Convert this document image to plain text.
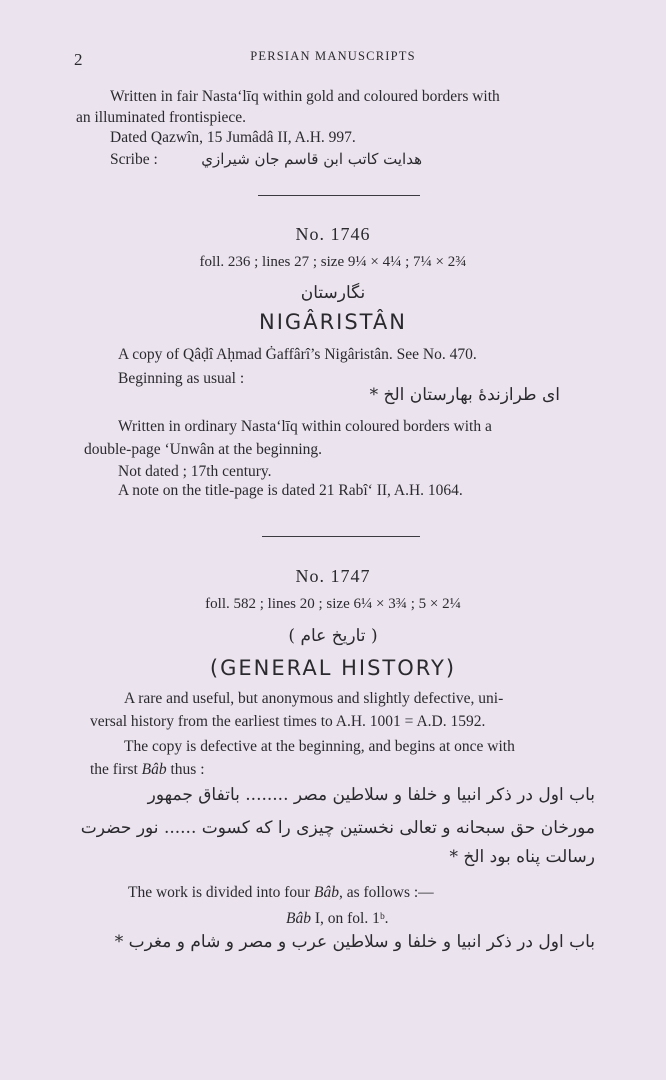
2	PERSIAN MANUSCRIPTS
Written in fair Nasta‘līq within gold and coloured borders with
an illuminated frontispiece.
Dated Qazwîn, 15 Jumâdâ II, A.H. 997.
Scribe :	هدايت كاتب ابن قاسم جان شيرازي
No. 1746
foll. 236 ; lines 27 ; size 9¼ × 4¼ ; 7¼ × 2¾
نگارستان
NIGÂRISTÂN
A copy of Qâḍî Aḥmad Ġaffârî’s Nigâristân. See No. 470.
Beginning as usual :
ای طرازندۀ بهارستان الخ *
Written in ordinary Nasta‘līq within coloured borders with a
double-page ‘Unwân at the beginning.
Not dated ; 17th century.
A note on the title-page is dated 21 Rabî‘ II, A.H. 1064.
No. 1747
foll. 582 ; lines 20 ; size 6¼ × 3¾ ; 5 × 2¼
( تاریخ عام )
(GENERAL HISTORY)
A rare and useful, but anonymous and slightly defective, uni-
versal history from the earliest times to A.H. 1001 = A.D. 1592.
The copy is defective at the beginning, and begins at once with
the first Bâb thus :
باب اول در ذکر انبیا و خلفا و سلاطین مصر ........ باتفاق جمهور
مورخان حق سبحانه و تعالی نخستین چیزی را که کسوت ...... نور حضرت
رسالت پناه بود الخ *
The work is divided into four Bâb, as follows :—
Bâb I, on fol. 1ᵇ.
باب اول در ذکر انبیا و خلفا و سلاطین عرب و مصر و شام و مغرب *
